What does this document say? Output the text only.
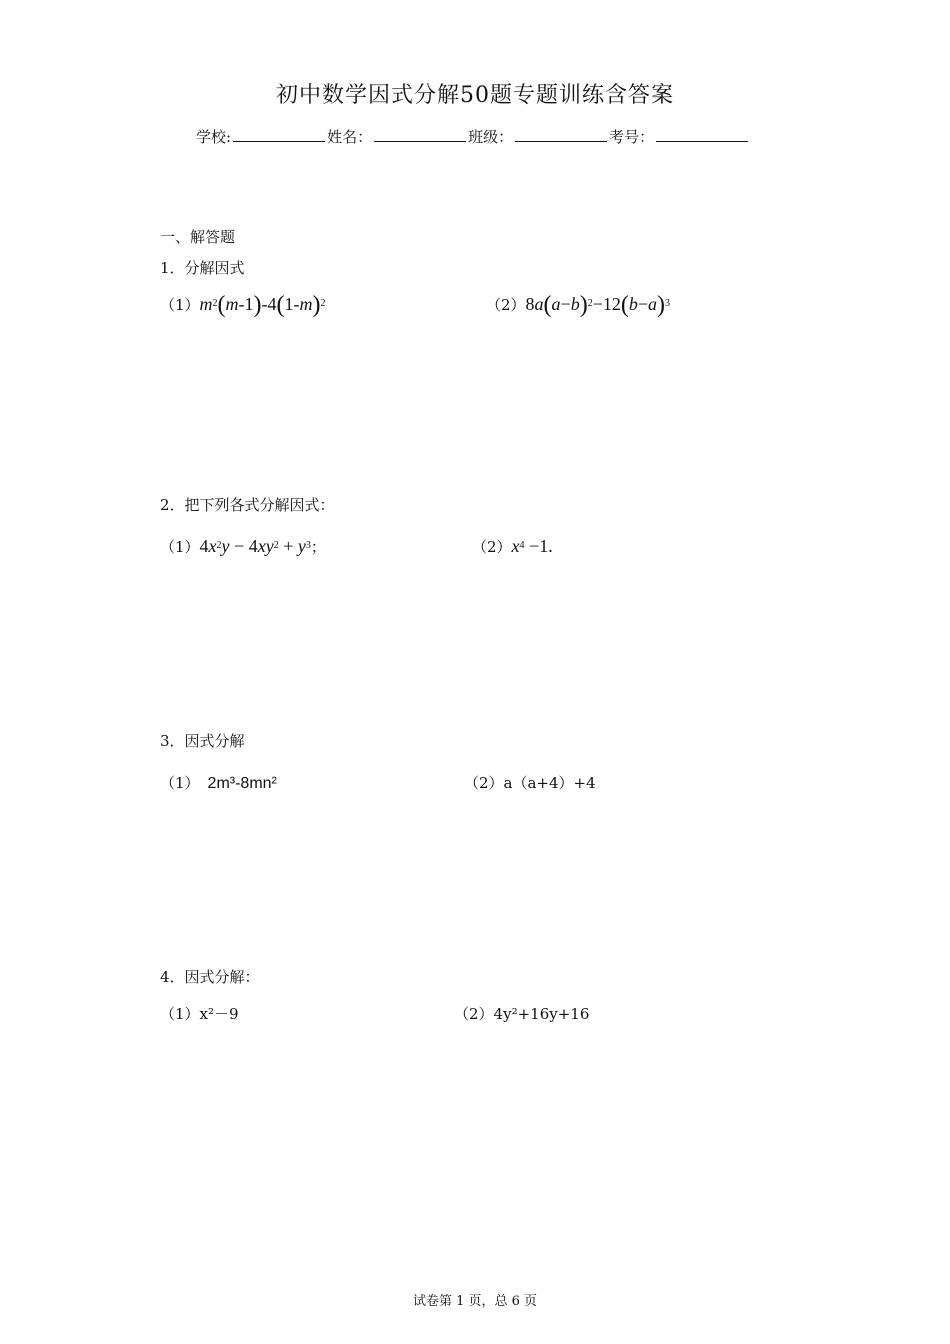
初中数学因式分解50题专题训练含答案
学校:	姓名：	班级：	考号：
一、解答题
1．分解因式
$(1)m^2(m-1)-4(1-m)^2$	$(2)8a(a-b)^2-12(b-a)^3$
2．把下列各式分解因式：
$(1)4x^2y - 4xy^2 + y^3$；	$(2)x^4 -1$.
3．因式分解
（1） 2m³-8mn²	（2）a（a+4）+4
4．因式分解：
（1）x²－9	（2）4y²+16y+16
试卷第 1 页，总 6 页
